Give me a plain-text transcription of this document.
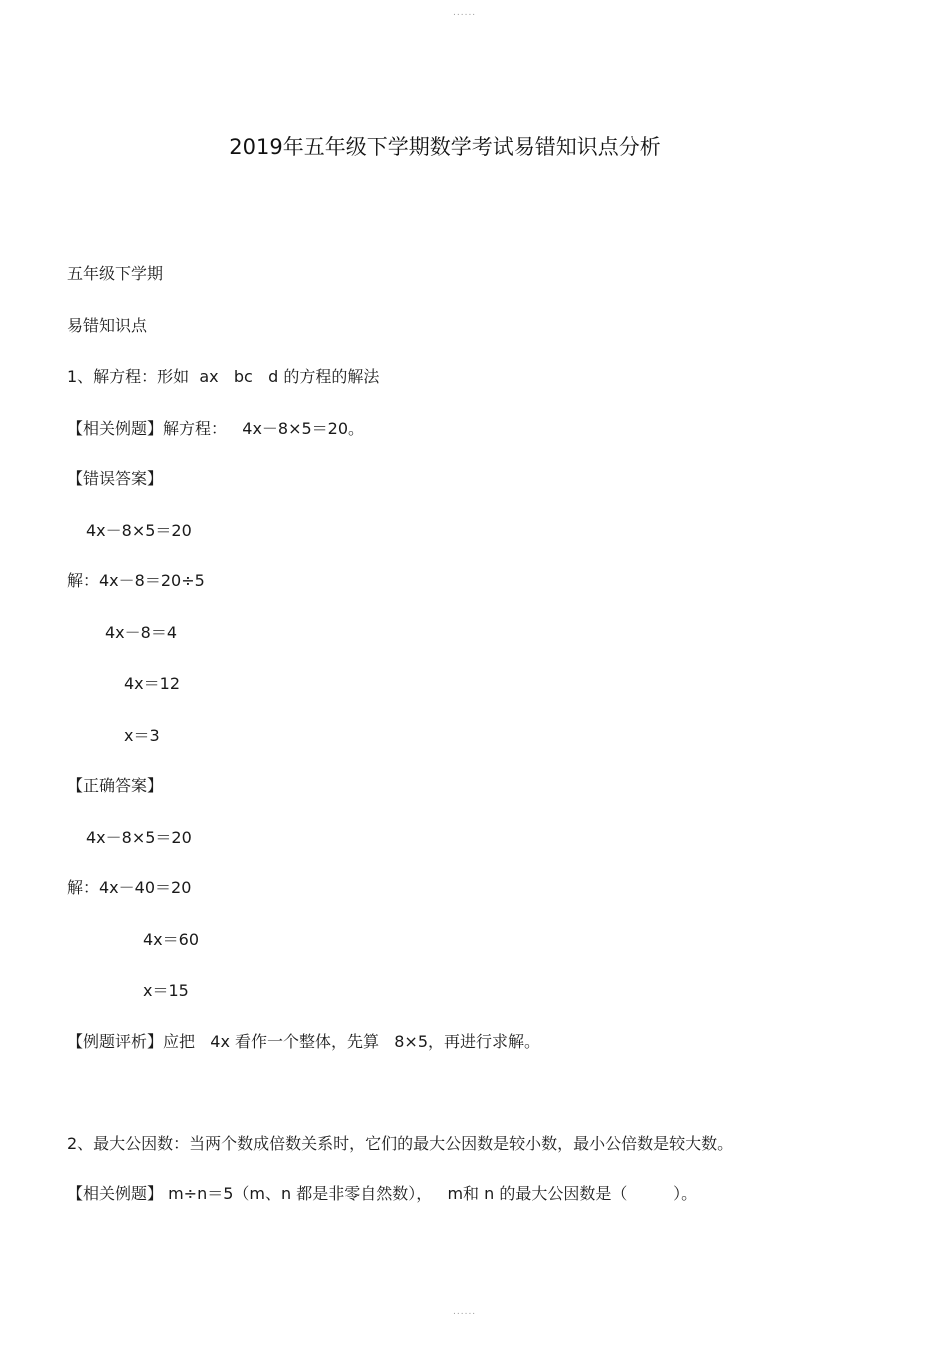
......
2019年五年级下学期数学考试易错知识点分析
五年级下学期
易错知识点
1、解方程：形如  ax   bc   d 的方程的解法
【相关例题】解方程：   4x－8×5＝20。
【错误答案】
4x－8×5＝20
解：4x－8＝20÷5
4x－8＝4
4x＝12
x＝3
【正确答案】
4x－8×5＝20
解：4x－40＝20
4x＝60
x＝15
【例题评析】应把   4x 看作一个整体，先算   8×5，再进行求解。
2、最大公因数：当两个数成倍数关系时，它们的最大公因数是较小数，最小公倍数是较大数。
【相关例题】 m÷n＝5（m、n 都是非零自然数），   m和 n 的最大公因数是（         ）。
......
